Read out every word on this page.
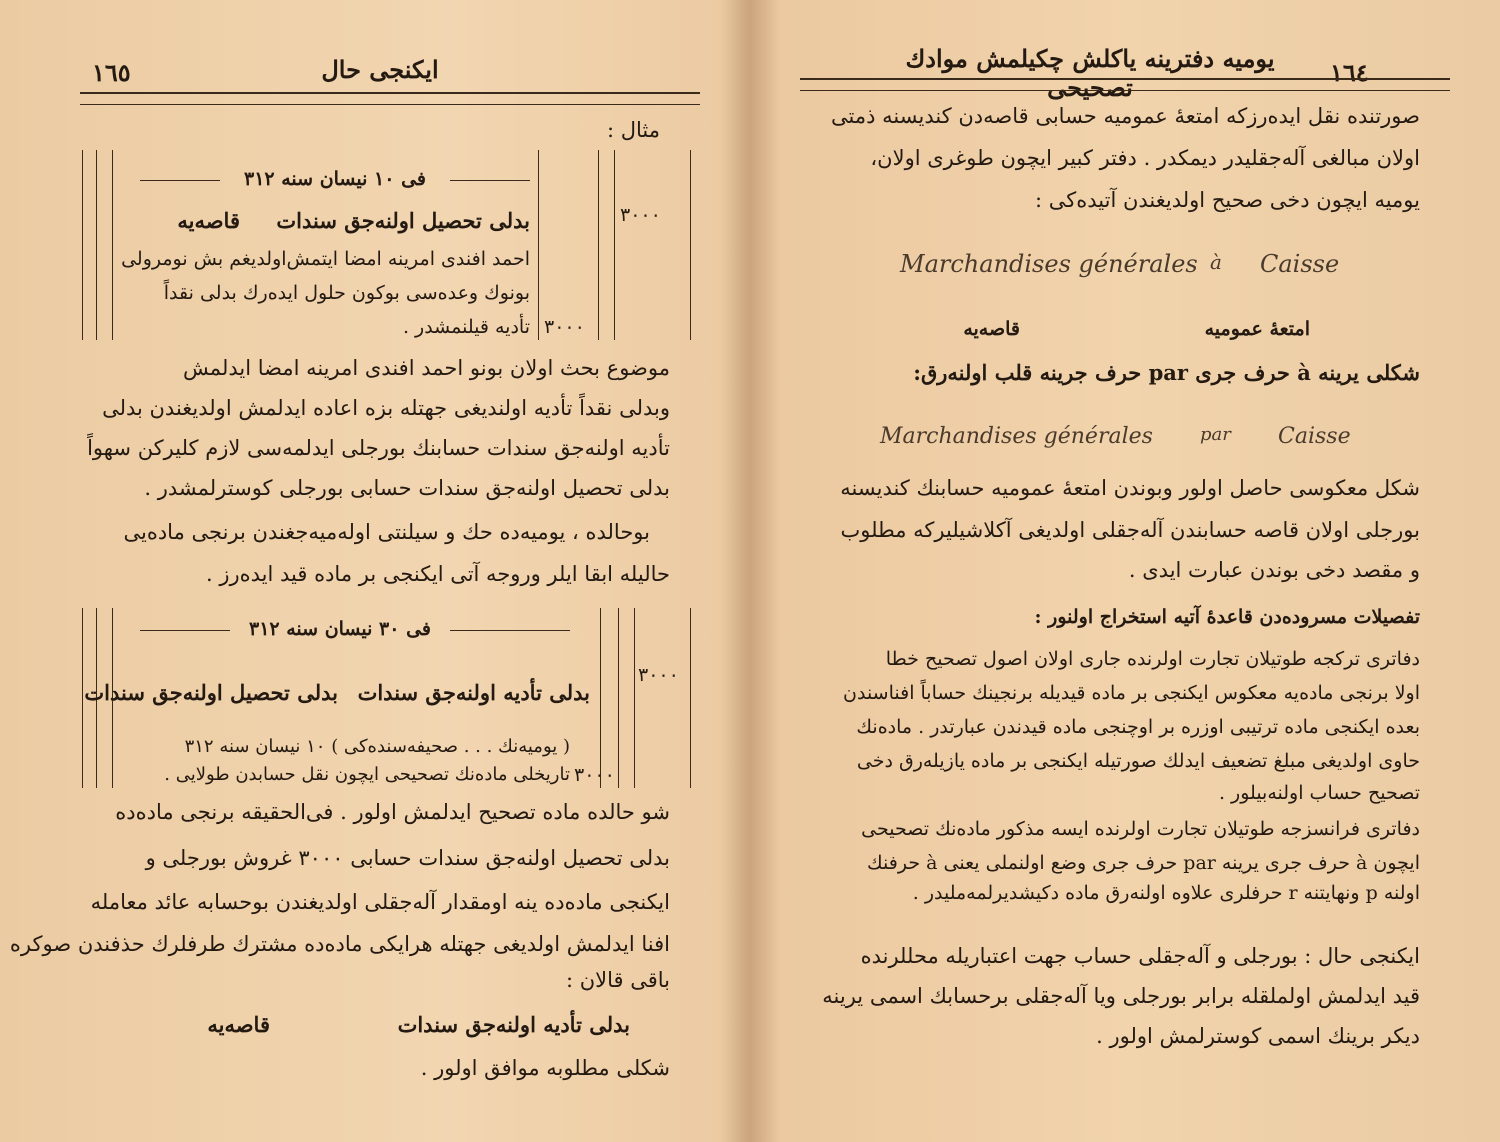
١٦٥	ایكنجی حال
مثال :
فی ١٠ نیسان سنه ٣١٢
٣٠٠٠
بدلی تحصیل اولنه‌جق سندات
قاصه‌یه
احمد افندی امرینه امضا ایتمش‌اولدیغم بش نومرولی
بونوك وعده‌سی بوكون حلول ایده‌رك بدلی نقداً
٣٠٠٠
تأدیه قیلنمشدر .
موضوع بحث اولان بونو احمد افندی امرینه امضا ایدلمش
وبدلی نقداً تأدیه اولندیغی جهتله بزه اعاده ایدلمش اولدیغندن بدلی
تأدیه اولنه‌جق سندات حسابنك بورجلی ایدلمه‌سی لازم كلیركن سهواً
بدلی تحصیل اولنه‌جق سندات حسابی بورجلی كوسترلمشدر .
بوحالده ، یومیه‌ده حك و سیلنتی اوله‌میه‌جغندن برنجی ماده‌یی
حالیله ابقا ایلر وروجه آتی ایكنجی بر ماده قید ایده‌رز .
فی ٣٠ نیسان سنه ٣١٢
٣٠٠٠
بدلی تأدیه اولنه‌جق سندات
بدلی تحصیل اولنه‌جق سندات
( یومیه‌نك . . . صحیفه‌سنده‌كی ) ١٠ نیسان سنه ٣١٢
٣٠٠٠
تاریخلی ماده‌نك تصحیحی ایچون نقل حسابدن طولایی .
شو حالده ماده تصحیح ایدلمش اولور . فی‌الحقیقه برنجی ماده‌ده
بدلی تحصیل اولنه‌جق سندات حسابی ٣٠٠٠ غروش بورجلی و
ایكنجی ماده‌ده ینه اومقدار آله‌جقلی اولدیغندن بوحسابه عائد معامله
افنا ایدلمش اولدیغی جهتله هرایكی ماده‌ده مشترك طرفلرك حذفندن صوكره
باقی قالان :
بدلی تأدیه اولنه‌جق سندات
قاصه‌یه
شكلی مطلوبه موافق اولور .
١٦٤
یومیه دفترینه یاكلش چكیلمش موادك تصحیحی
صورتنده نقل ایده‌رزكه امتعهٔ عمومیه حسابی قاصه‌دن كندیسنه ذمتی
اولان مبالغی آله‌جقلیدر دیمكدر . دفتر كبیر ایچون طوغری اولان،
یومیه ایچون دخی صحیح اولدیغندن آتیده‌كی :
Marchandises générales à Caisse
امتعهٔ عمومیه
قاصه‌یه
شكلی یرینه à حرف جری par حرف جرینه قلب اولنه‌رق:
Marchandises générales	par Caisse
شكل معكوسی حاصل اولور وبوندن امتعهٔ عمومیه حسابنك كندیسنه
بورجلی اولان قاصه حسابندن آله‌جقلی اولدیغی آكلاشیلیركه مطلوب
و مقصد دخی بوندن عبارت ایدی .
تفصیلات مسروده‌دن قاعدهٔ آتیه استخراج اولنور :
دفاتری تركجه طوتیلان تجارت اولرنده جاری اولان اصول تصحیح خطا
اولا برنجی ماده‌یه معكوس ایكنجی بر ماده قیدیله برنجینك حساباً افناسندن
بعده ایكنجی ماده ترتیبی اوزره بر اوچنجی ماده قیدندن عبارتدر . ماده‌نك
حاوی اولدیغی مبلغ تضعیف ایدلك صورتیله ایكنجی بر ماده یازیله‌رق دخی
تصحیح حساب اولنه‌بیلور .
دفاتری فرانسزجه طوتیلان تجارت اولرنده ایسه مذكور ماده‌نك تصحیحی
ایچون à حرف جری یرینه par حرف جری وضع اولنملی یعنی à حرفنك
اولنه p ونهایتنه r حرفلری علاوه اولنه‌رق ماده دكیشدیرلمه‌ملیدر .
ایكنجی حال : بورجلی و آله‌جقلی حساب جهت اعتباریله محللرنده
قید ایدلمش اولملقله برابر بورجلی ویا آله‌جقلی برحسابك اسمی یرینه
دیكر برینك اسمی كوسترلمش اولور .
